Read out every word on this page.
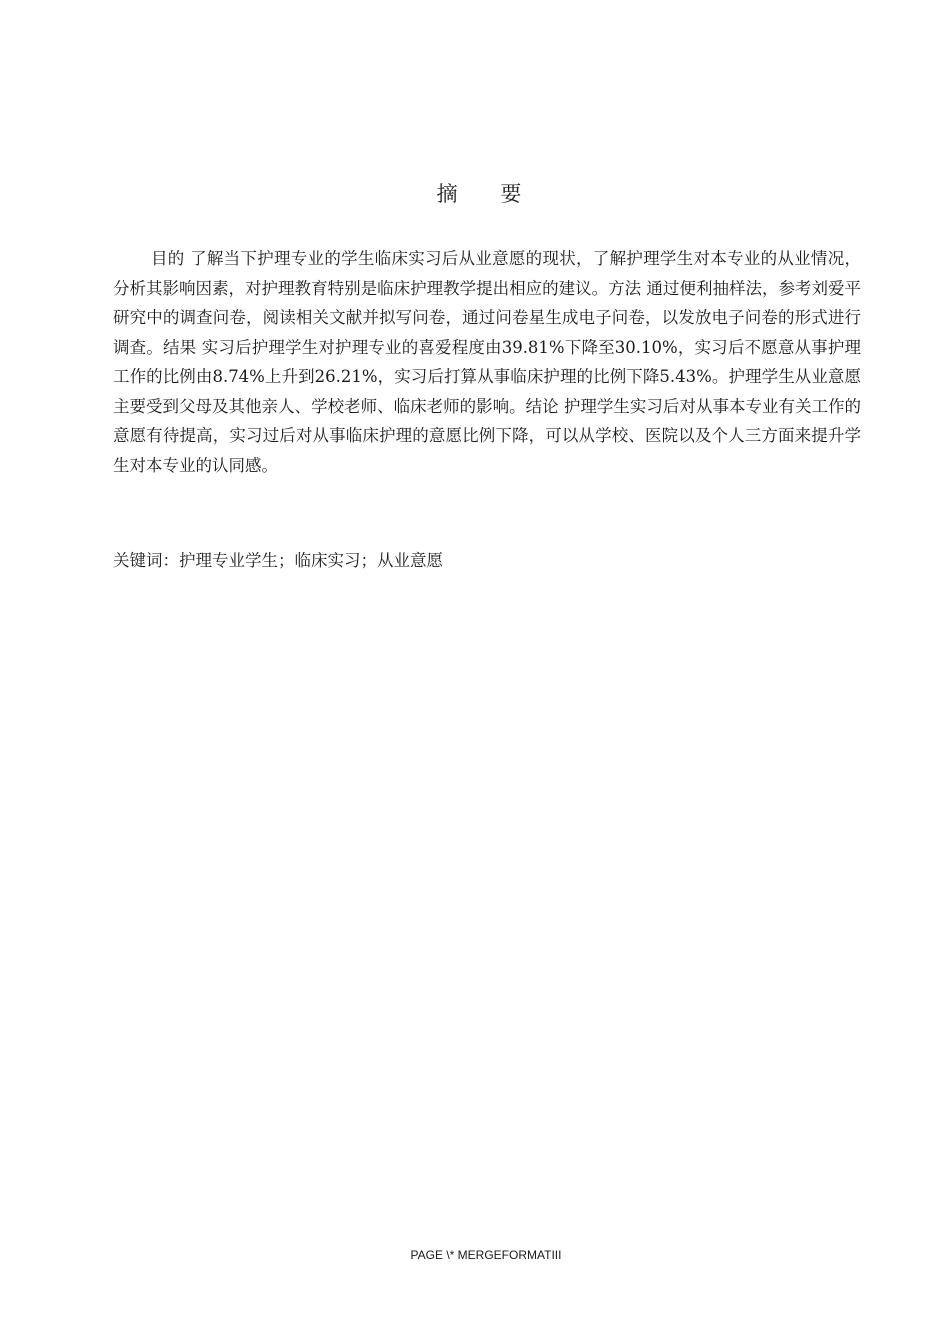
摘 要

目的 了解当下护理专业的学生临床实习后从业意愿的现状，了解护理学生对本专业的从业情况，分析其影响因素，对护理教育特别是临床护理教学提出相应的建议。方法 通过便利抽样法，参考刘爱平研究中的调查问卷，阅读相关文献并拟写问卷，通过问卷星生成电子问卷，以发放电子问卷的形式进行调查。结果 实习后护理学生对护理专业的喜爱程度由39.81%下降至30.10%，实习后不愿意从事护理工作的比例由8.74%上升到26.21%，实习后打算从事临床护理的比例下降5.43%。护理学生从业意愿主要受到父母及其他亲人、学校老师、临床老师的影响。结论 护理学生实习后对从事本专业有关工作的意愿有待提高，实习过后对从事临床护理的意愿比例下降，可以从学校、医院以及个人三方面来提升学生对本专业的认同感。

关键词：护理专业学生；临床实习；从业意愿

PAGE \* MERGEFORMATIII
